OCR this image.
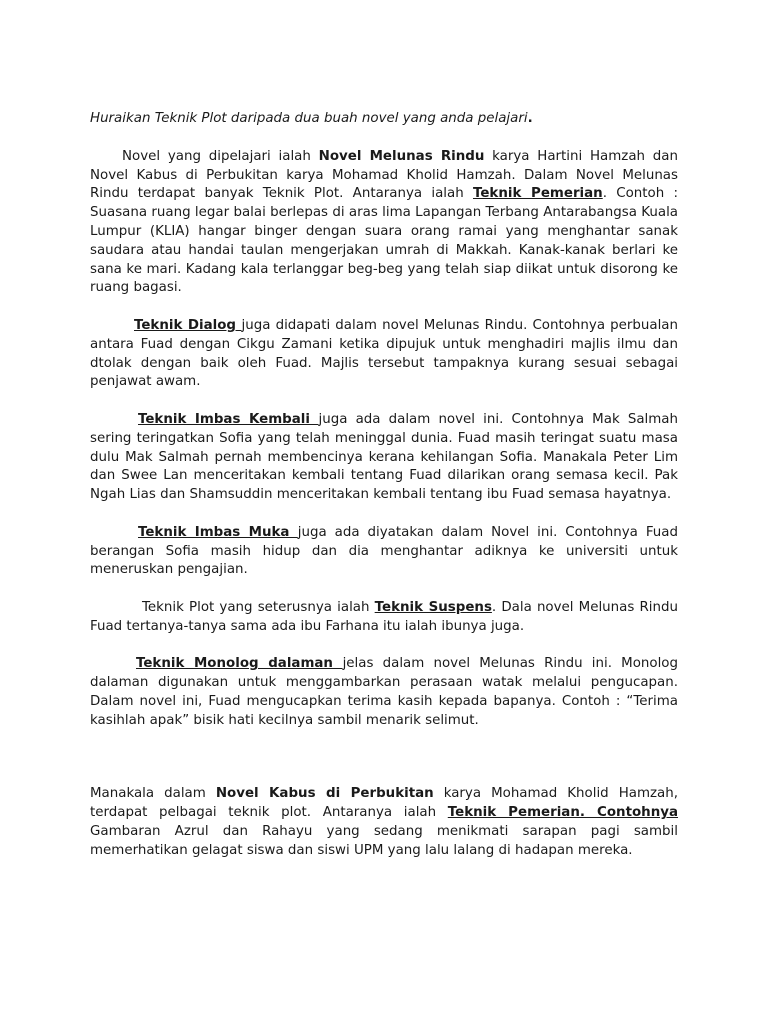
Huraikan Teknik Plot daripada dua buah novel yang anda pelajari.

Novel yang dipelajari ialah Novel Melunas Rindu karya Hartini Hamzah dan Novel Kabus di Perbukitan karya Mohamad Kholid Hamzah. Dalam Novel Melunas Rindu terdapat banyak Teknik Plot. Antaranya ialah Teknik Pemerian. Contoh : Suasana ruang legar balai berlepas di aras lima Lapangan Terbang Antarabangsa Kuala Lumpur (KLIA) hangar binger dengan suara orang ramai yang menghantar sanak saudara atau handai taulan mengerjakan umrah di Makkah. Kanak-kanak berlari ke sana ke mari. Kadang kala terlanggar beg-beg yang telah siap diikat untuk disorong ke ruang bagasi.

Teknik Dialog juga didapati dalam novel Melunas Rindu. Contohnya perbualan antara Fuad dengan Cikgu Zamani ketika dipujuk untuk menghadiri majlis ilmu dan dtolak dengan baik oleh Fuad. Majlis tersebut tampaknya kurang sesuai sebagai penjawat awam.

Teknik Imbas Kembali juga ada dalam novel ini. Contohnya Mak Salmah sering teringatkan Sofia yang telah meninggal dunia. Fuad masih teringat suatu masa dulu Mak Salmah pernah membencinya kerana kehilangan Sofia. Manakala Peter Lim dan Swee Lan menceritakan kembali tentang Fuad dilarikan orang semasa kecil. Pak Ngah Lias dan Shamsuddin menceritakan kembali tentang ibu Fuad semasa hayatnya.

Teknik Imbas Muka juga ada diyatakan dalam Novel ini. Contohnya Fuad berangan Sofia masih hidup dan dia menghantar adiknya ke universiti untuk meneruskan pengajian.

Teknik Plot yang seterusnya ialah Teknik Suspens. Dala novel Melunas Rindu Fuad tertanya-tanya sama ada ibu Farhana itu ialah ibunya juga.

Teknik Monolog dalaman jelas dalam novel Melunas Rindu ini. Monolog dalaman digunakan untuk menggambarkan perasaan watak melalui pengucapan. Dalam novel ini, Fuad mengucapkan terima kasih kepada bapanya. Contoh : “Terima kasihlah apak” bisik hati kecilnya sambil menarik selimut.

Manakala dalam Novel Kabus di Perbukitan karya Mohamad Kholid Hamzah, terdapat pelbagai teknik plot. Antaranya ialah Teknik Pemerian. Contohnya Gambaran Azrul dan Rahayu yang sedang menikmati sarapan pagi sambil memerhatikan gelagat siswa dan siswi UPM yang lalu lalang di hadapan mereka.
